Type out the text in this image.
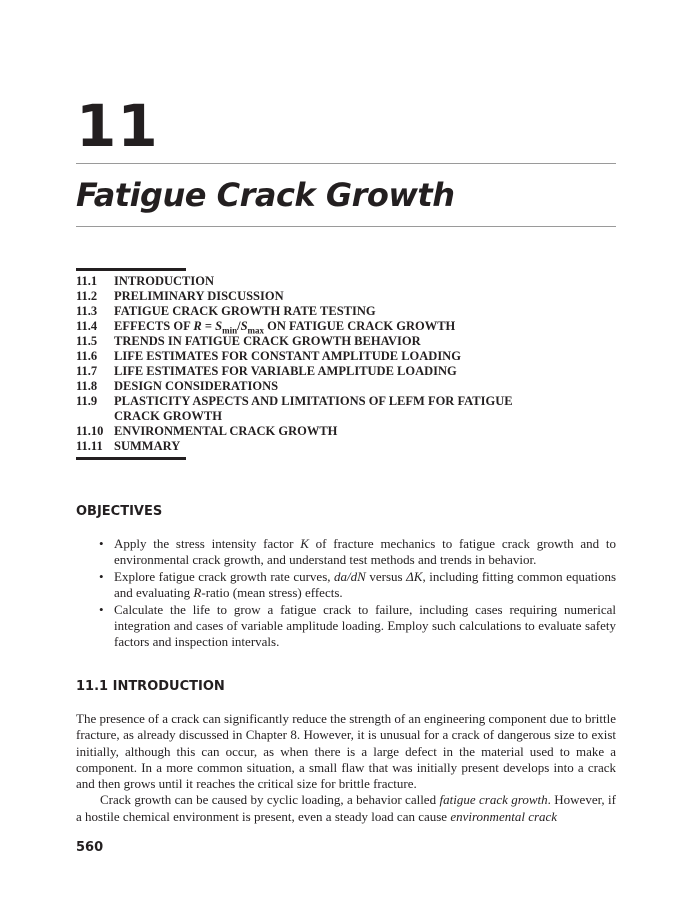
11
Fatigue Crack Growth
11.1	INTRODUCTION
11.2	PRELIMINARY DISCUSSION
11.3	FATIGUE CRACK GROWTH RATE TESTING
11.4	EFFECTS OF $R = S_{min}/S_{max}$ ON FATIGUE CRACK GROWTH
11.5	TRENDS IN FATIGUE CRACK GROWTH BEHAVIOR
11.6	LIFE ESTIMATES FOR CONSTANT AMPLITUDE LOADING
11.7	LIFE ESTIMATES FOR VARIABLE AMPLITUDE LOADING
11.8	DESIGN CONSIDERATIONS
11.9	PLASTICITY ASPECTS AND LIMITATIONS OF LEFM FOR FATIGUE CRACK GROWTH
11.10 ENVIRONMENTAL CRACK GROWTH
11.11 SUMMARY
OBJECTIVES
• Apply the stress intensity factor K of fracture mechanics to fatigue crack growth and to environmental crack growth, and understand test methods and trends in behavior.
• Explore fatigue crack growth rate curves, da/dN versus ΔK, including fitting common equations and evaluating R-ratio (mean stress) effects.
• Calculate the life to grow a fatigue crack to failure, including cases requiring numerical integration and cases of variable amplitude loading. Employ such calculations to evaluate safety factors and inspection intervals.
11.1 INTRODUCTION

The presence of a crack can significantly reduce the strength of an engineering component due to brittle fracture, as already discussed in Chapter 8. However, it is unusual for a crack of dangerous size to exist initially, although this can occur, as when there is a large defect in the material used to make a component. In a more common situation, a small flaw that was initially present develops into a crack and then grows until it reaches the critical size for brittle fracture.

Crack growth can be caused by cyclic loading, a behavior called fatigue crack growth. However, if a hostile chemical environment is present, even a steady load can cause environmental crack

560
